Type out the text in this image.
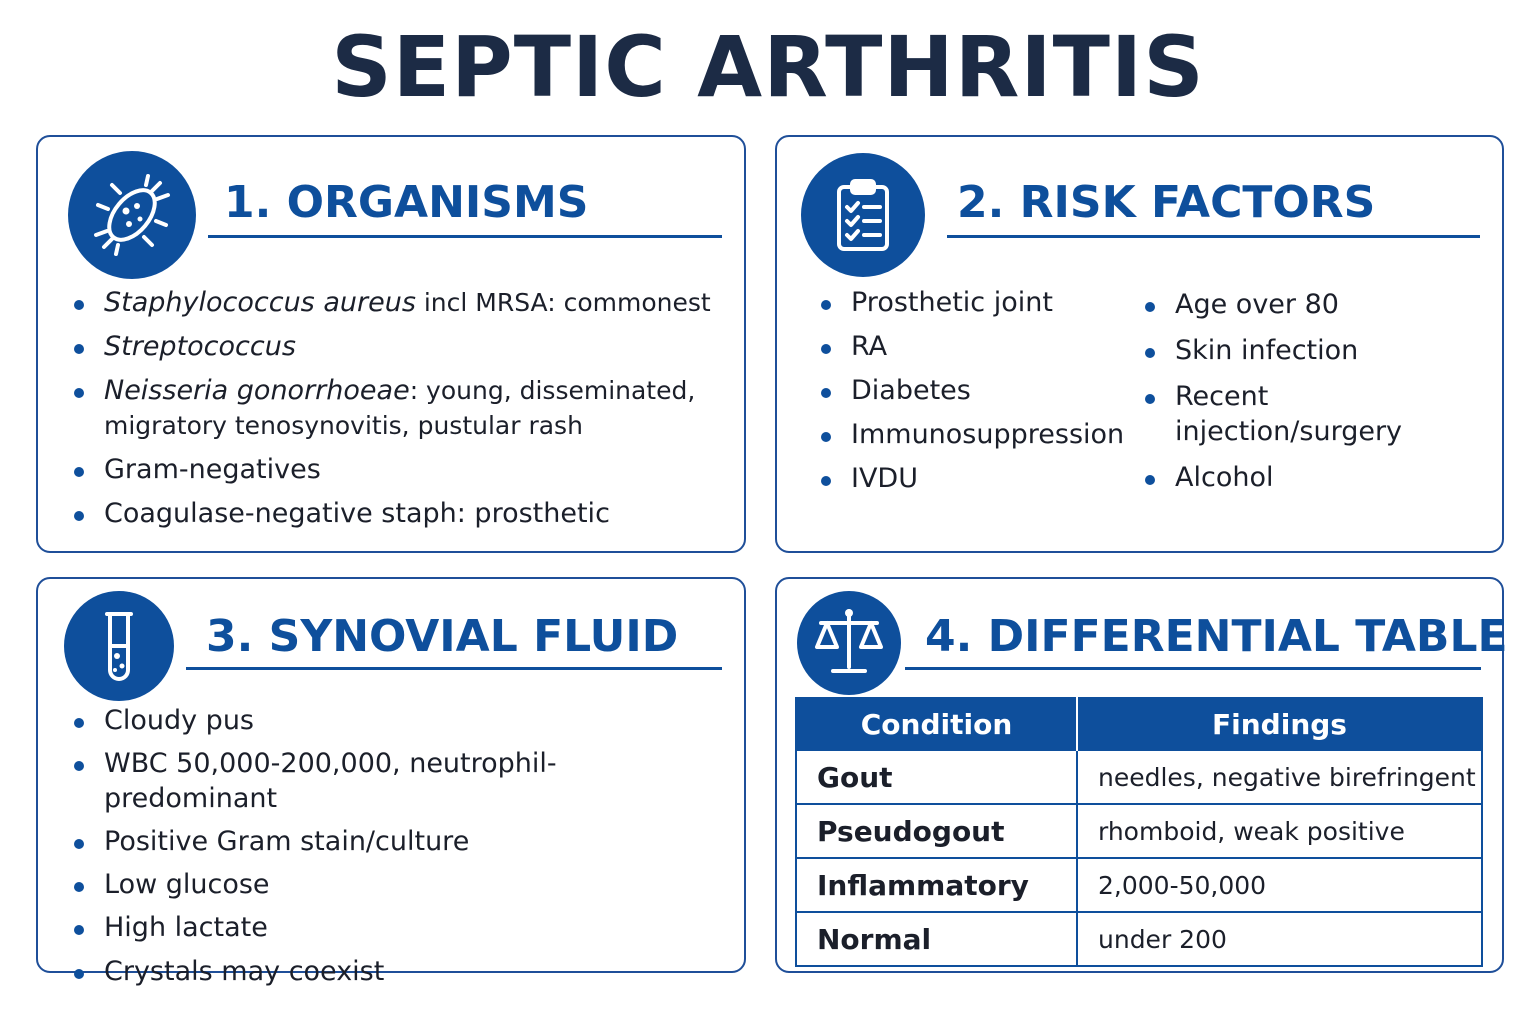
SEPTIC ARTHRITIS
1. ORGANISMS
Staphylococcus aureus incl MRSA: commonest
Streptococcus
Neisseria gonorrhoeae: young, disseminated, migratory tenosynovitis, pustular rash
Gram-negatives
Coagulase-negative staph: prosthetic
2. RISK FACTORS
Prosthetic joint
RA
Diabetes
Immunosuppression
IVDU
Age over 80
Skin infection
Recent injection/surgery
Alcohol
3. SYNOVIAL FLUID
Cloudy pus
WBC 50,000-200,000, neutrophil-predominant
Positive Gram stain/culture
Low glucose
High lactate
Crystals may coexist
4. DIFFERENTIAL TABLE
Condition	Findings
Gout	needles, negative birefringent
Pseudogout	rhomboid, weak positive
Inflammatory	2,000-50,000
Normal	under 200
